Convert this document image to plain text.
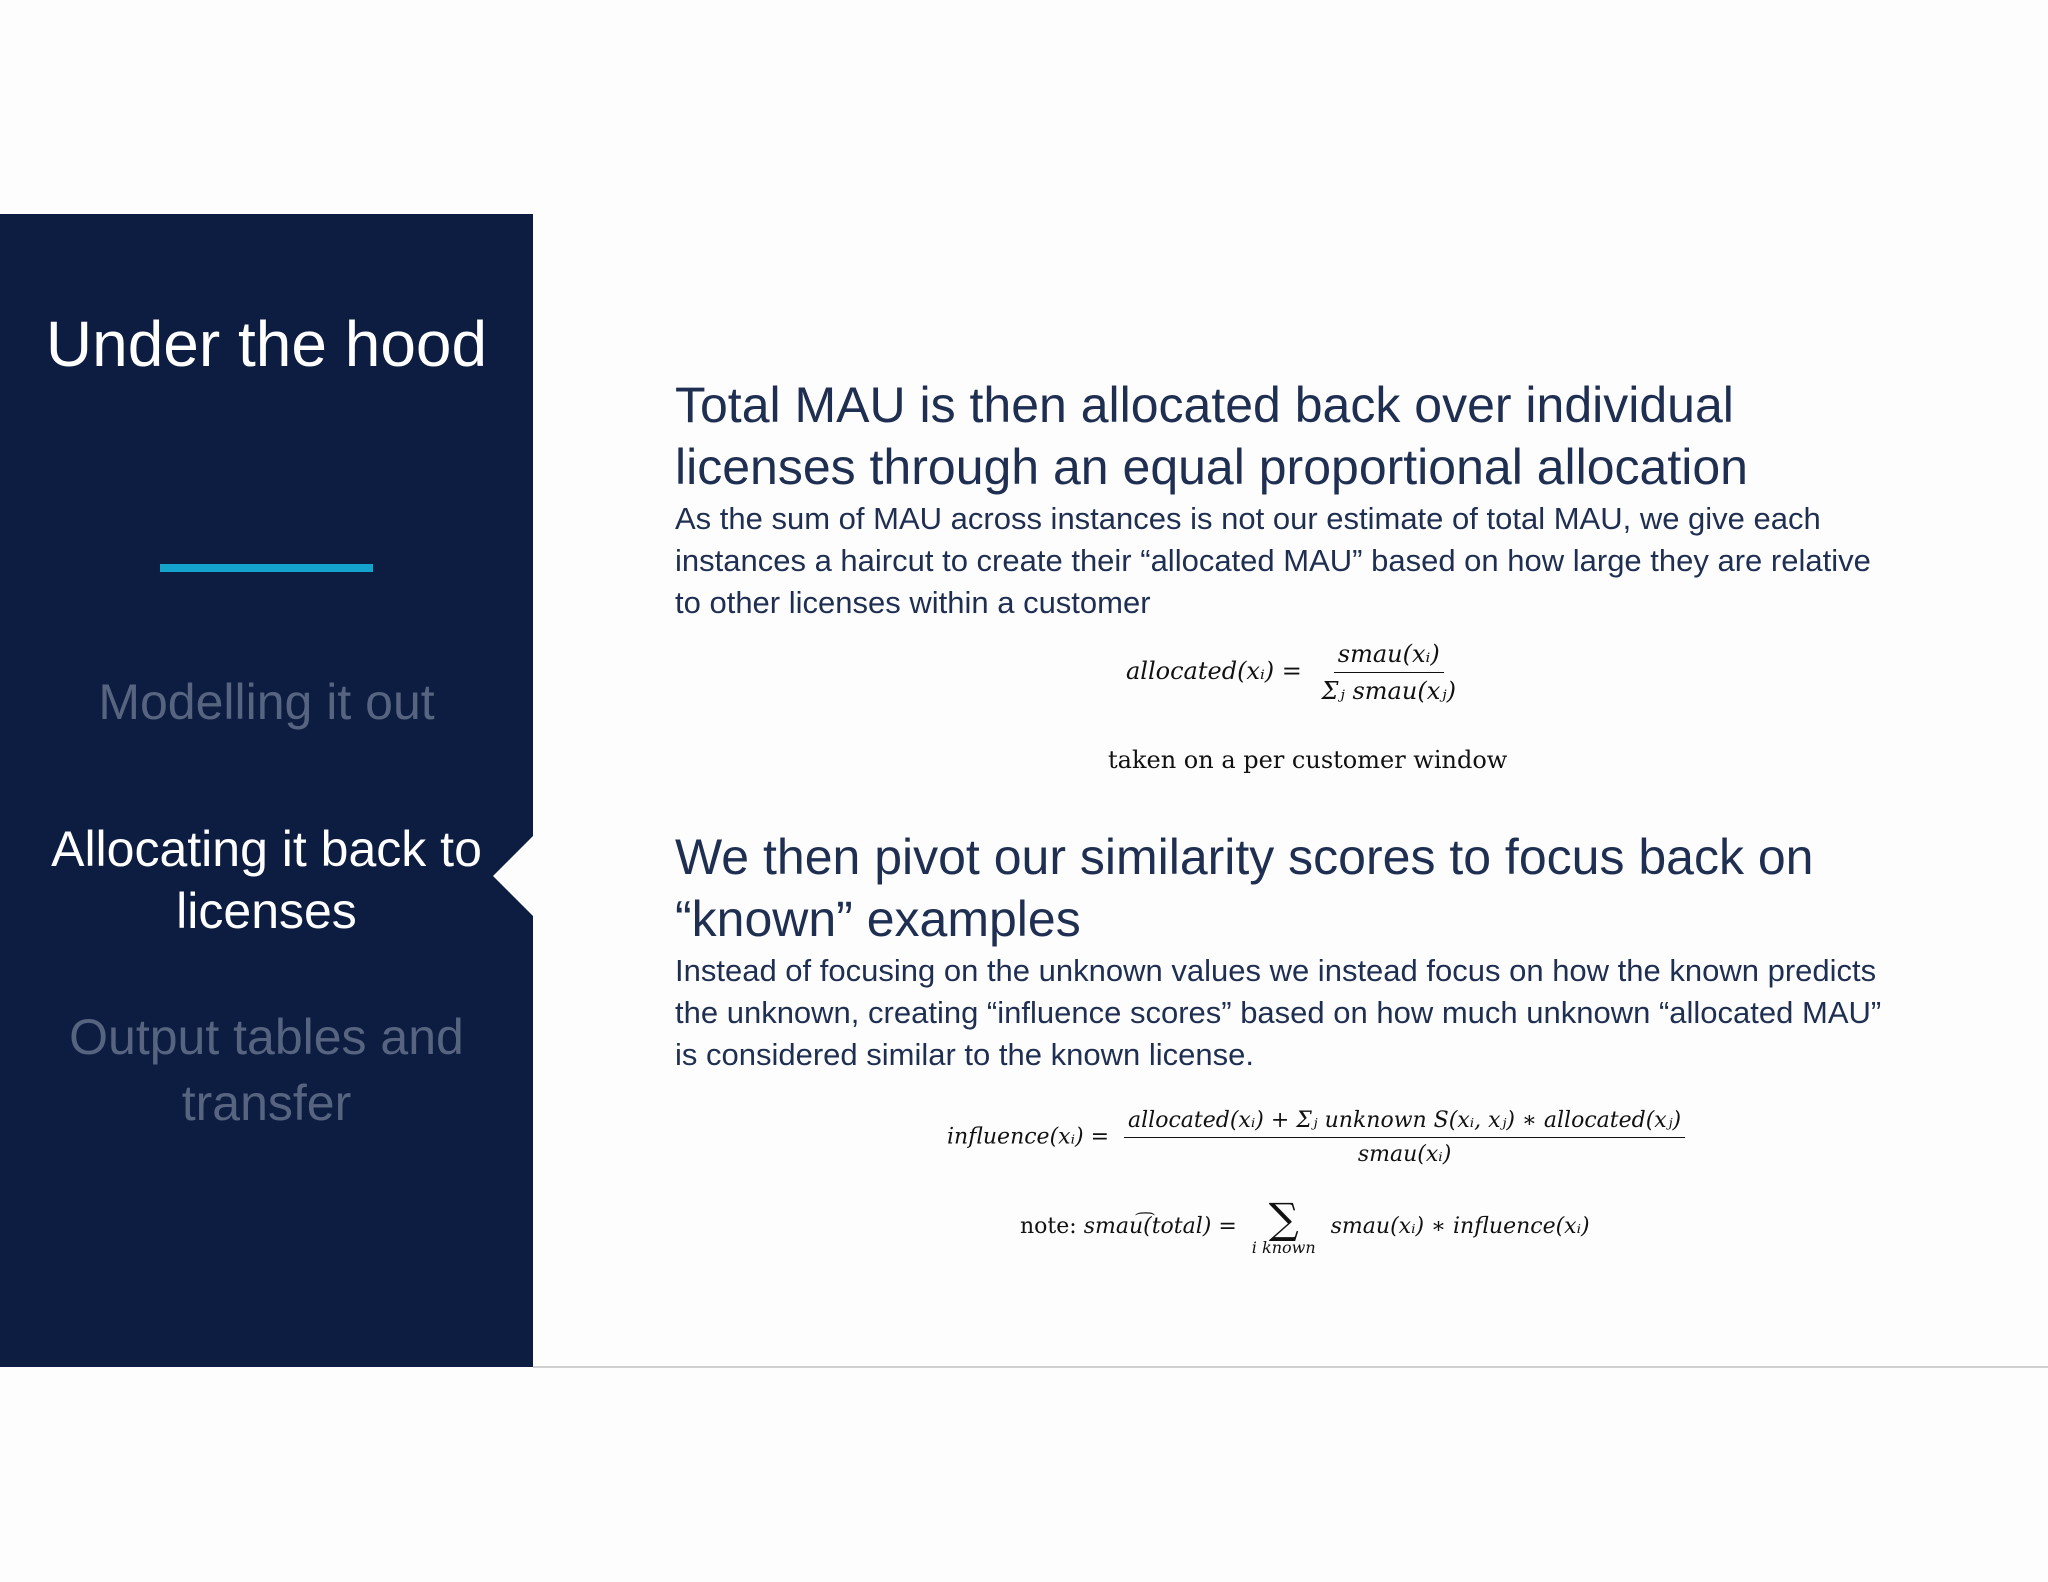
Under the hood
Modelling it out
Allocating it back to licenses
Output tables and transfer
Total MAU is then allocated back over individual licenses through an equal proportional allocation

As the sum of MAU across instances is not our estimate of total MAU, we give each instances a haircut to create their “allocated MAU” based on how large they are relative to other licenses within a customer

allocated(xᵢ) = $\frac{\text{smau(xᵢ)}}{\text{Σⱼ smau(xⱼ)}}$
taken on a per customer window
We then pivot our similarity scores to focus back on “known” examples

Instead of focusing on the unknown values we instead focus on how the known predicts the unknown, creating “influence scores” based on how much unknown “allocated MAU” is considered similar to the known license.

influence(xᵢ) = $\frac{\text{allocated(xᵢ) + Σⱼ unknown S(xᵢ, xⱼ) ∗ allocated(xⱼ)}}{\text{smau(xᵢ)}}$
note: smau͡(total) = ∑
i known
smau(xᵢ) ∗ influence(xᵢ)
